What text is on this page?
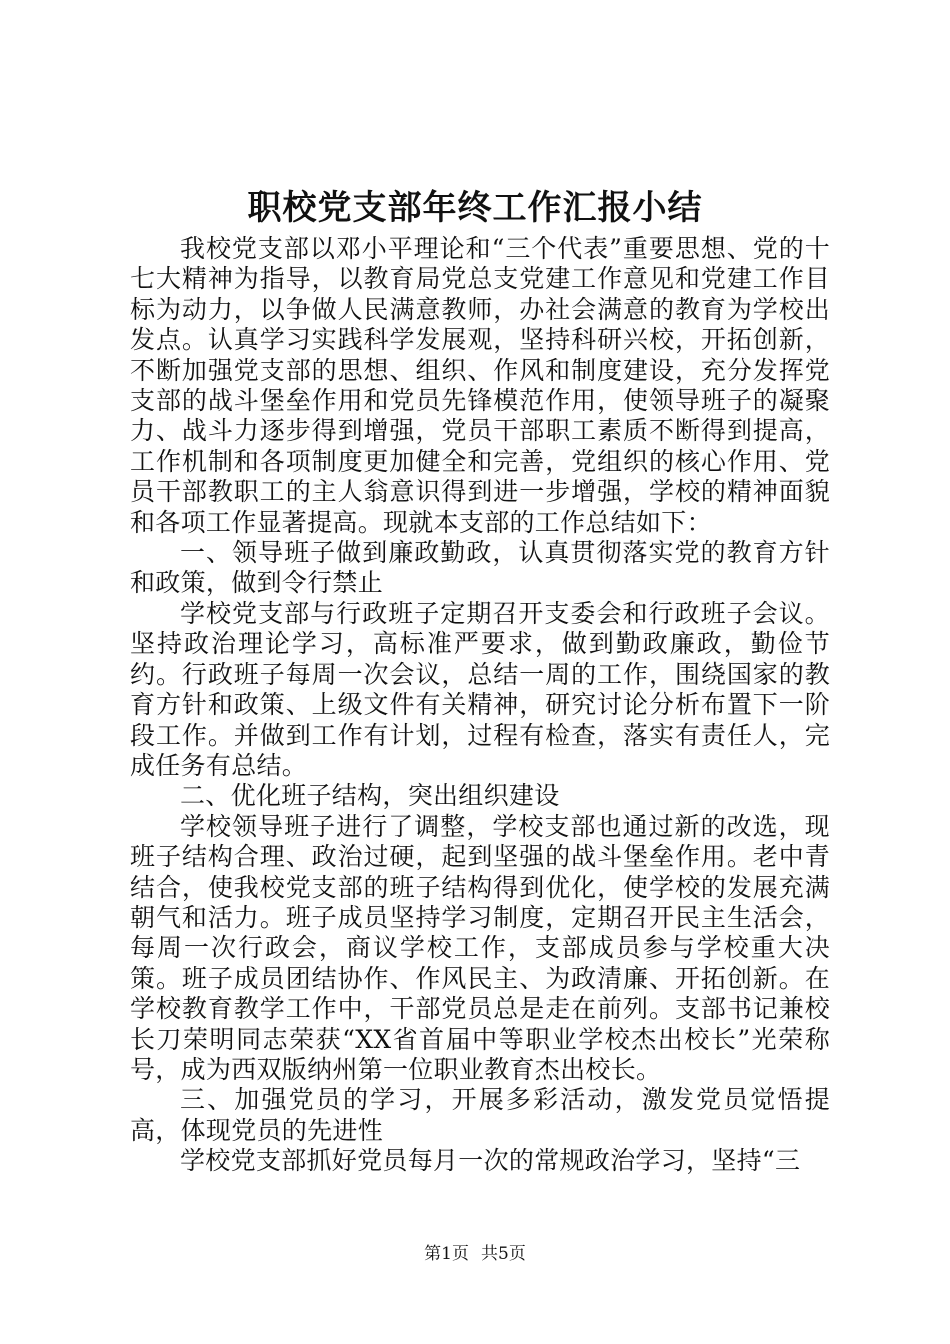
职校党支部年终工作汇报小结

我校党支部以邓小平理论和“三个代表”重要思想、党的十七大精神为指导，以教育局党总支党建工作意见和党建工作目标为动力，以争做人民满意教师，办社会满意的教育为学校出发点。认真学习实践科学发展观，坚持科研兴校，开拓创新，不断加强党支部的思想、组织、作风和制度建设，充分发挥党支部的战斗堡垒作用和党员先锋模范作用，使领导班子的凝聚力、战斗力逐步得到增强，党员干部职工素质不断得到提高，工作机制和各项制度更加健全和完善，党组织的核心作用、党员干部教职工的主人翁意识得到进一步增强，学校的精神面貌和各项工作显著提高。现就本支部的工作总结如下：

一、领导班子做到廉政勤政，认真贯彻落实党的教育方针和政策，做到令行禁止

学校党支部与行政班子定期召开支委会和行政班子会议。坚持政治理论学习，高标准严要求，做到勤政廉政，勤俭节约。行政班子每周一次会议，总结一周的工作，围绕国家的教育方针和政策、上级文件有关精神，研究讨论分析布置下一阶段工作。并做到工作有计划，过程有检查，落实有责任人，完成任务有总结。

二、优化班子结构，突出组织建设

学校领导班子进行了调整，学校支部也通过新的改选，现班子结构合理、政治过硬，起到坚强的战斗堡垒作用。老中青结合，使我校党支部的班子结构得到优化，使学校的发展充满朝气和活力。班子成员坚持学习制度，定期召开民主生活会，每周一次行政会，商议学校工作，支部成员参与学校重大决策。班子成员团结协作、作风民主、为政清廉、开拓创新。在学校教育教学工作中，干部党员总是走在前列。支部书记兼校长刀荣明同志荣获“XX省首届中等职业学校杰出校长”光荣称号，成为西双版纳州第一位职业教育杰出校长。

三、加强党员的学习，开展多彩活动，激发党员觉悟提高，体现党员的先进性

学校党支部抓好党员每月一次的常规政治学习，坚持“三

第1页 共5页
